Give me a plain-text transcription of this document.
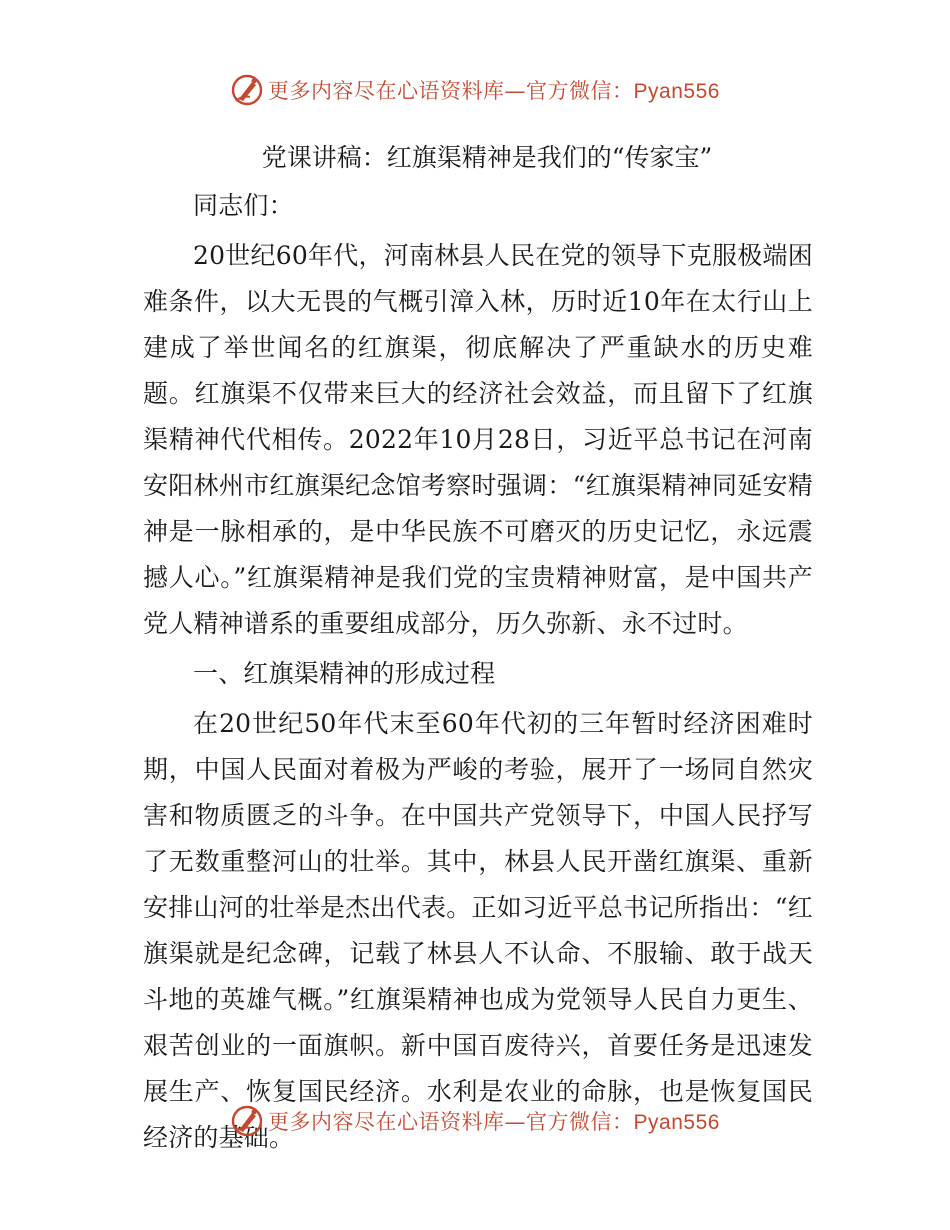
更多内容尽在心语资料库—官方微信：Pyan556

党课讲稿：红旗渠精神是我们的“传家宝”

同志们：

20世纪60年代，河南林县人民在党的领导下克服极端困难条件，以大无畏的气概引漳入林，历时近10年在太行山上建成了举世闻名的红旗渠，彻底解决了严重缺水的历史难题。红旗渠不仅带来巨大的经济社会效益，而且留下了红旗渠精神代代相传。2022年10月28日，习近平总书记在河南安阳林州市红旗渠纪念馆考察时强调：“红旗渠精神同延安精神是一脉相承的，是中华民族不可磨灭的历史记忆，永远震撼人心。”红旗渠精神是我们党的宝贵精神财富，是中国共产党人精神谱系的重要组成部分，历久弥新、永不过时。

一、红旗渠精神的形成过程

在20世纪50年代末至60年代初的三年暂时经济困难时期，中国人民面对着极为严峻的考验，展开了一场同自然灾害和物质匮乏的斗争。在中国共产党领导下，中国人民抒写了无数重整河山的壮举。其中，林县人民开凿红旗渠、重新安排山河的壮举是杰出代表。正如习近平总书记所指出：“红旗渠就是纪念碑，记载了林县人不认命、不服输、敢于战天斗地的英雄气概。”红旗渠精神也成为党领导人民自力更生、艰苦创业的一面旗帜。新中国百废待兴，首要任务是迅速发展生产、恢复国民经济。水利是农业的命脉，也是恢复国民经济的基础。

更多内容尽在心语资料库—官方微信：Pyan556
